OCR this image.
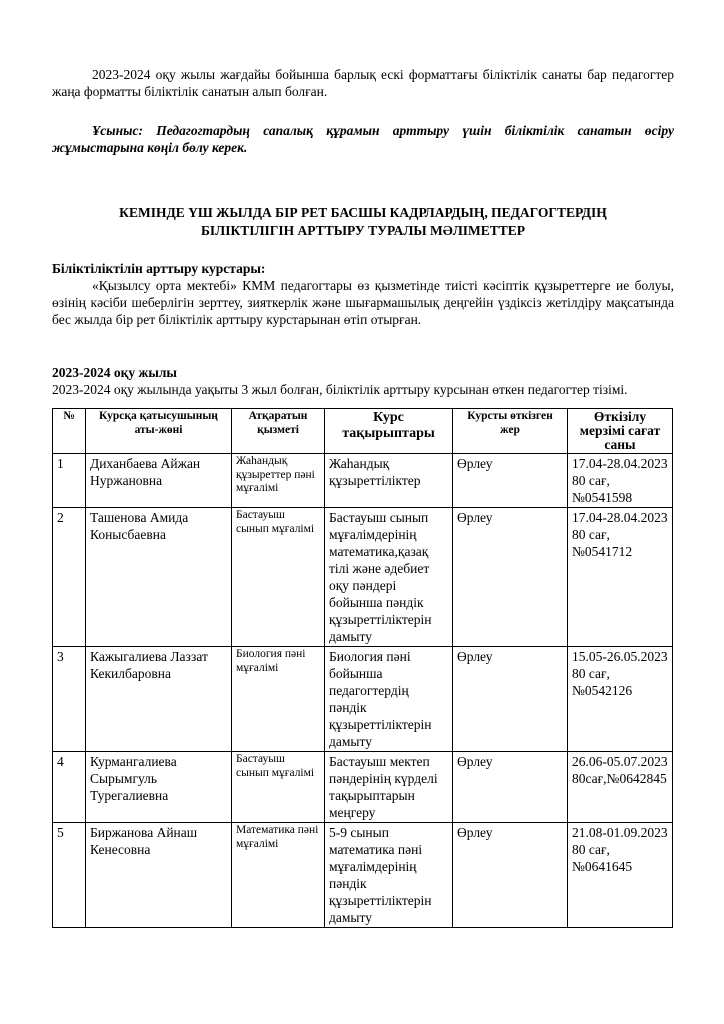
2023-2024 оқу жылы жағдайы бойынша барлық ескі форматтағы біліктілік санаты бар педагогтер жаңа форматты біліктілік санатын алып болған.

Ұсыныс: Педагогтардың сапалық құрамын арттыру үшін біліктілік санатын өсіру жұмыстарына көңіл бөлу керек.

КЕМІНДЕ ҮШ ЖЫЛДА БІР РЕТ БАСШЫ КАДРЛАРДЫҢ, ПЕДАГОГТЕРДІҢ
БІЛІКТІЛІГІН АРТТЫРУ ТУРАЛЫ МӘЛІМЕТТЕР

Біліктіліктілін арттыру курстары:

«Қызылсу орта мектебі» КММ педагогтары өз қызметінде тиісті кәсіптік құзыреттерге ие болуы, өзінің кәсіби шеберлігін зерттеу, зияткерлік және шығармашылық деңгейін үздіксіз жетілдіру мақсатында бес жылда бір рет біліктілік арттыру курстарынан өтіп отырған.

2023-2024 оқу жылы

2023-2024 оқу жылында уақыты 3 жыл болған, біліктілік арттыру курсынан өткен педагогтер тізімі.

№	Курсқа қатысушының аты-жөні	Атқаратын қызметі	Курс тақырыптары	Курсты өткізген жер	Өткізілу мерзімі сағат саны
1	Диханбаева Айжан Нуржановна	Жаһандық құзыреттер пәні мұғалімі	Жаһандық құзыреттіліктер	Өрлеу	17.04-28.04.2023
80 сағ,№0541598

2	Ташенова Амида Конысбаевна	Бастауыш сынып мұғалімі	Бастауыш сынып мұғалімдерінің математика,қазақ тілі және әдебиет оқу пәндері бойынша пәндік құзыреттіліктерін дамыту	Өрлеу	17.04-28.04.2023
80 сағ,№0541712

3	Кажыгалиева Лаззат Кекилбаровна	Биология пәні мұғалімі	Биология пәні бойынша педагогтердің пәндік құзыреттіліктерін дамыту	Өрлеу	15.05-26.05.2023
80 сағ,№0542126

4	Курмангалиева Сырымгуль Турегалиевна	Бастауыш сынып мұғалімі	Бастауыш мектеп пәндерінің күрделі тақырыптарын меңгеру	Өрлеу	26.06-05.07.2023
80сағ,№0642845

5	Биржанова Айнаш Кенесовна	Математика пәні мұғалімі	5-9 сынып математика пәні мұғалімдерінің пәндік құзыреттіліктерін дамыту	Өрлеу	21.08-01.09.2023
80 сағ,№0641645
